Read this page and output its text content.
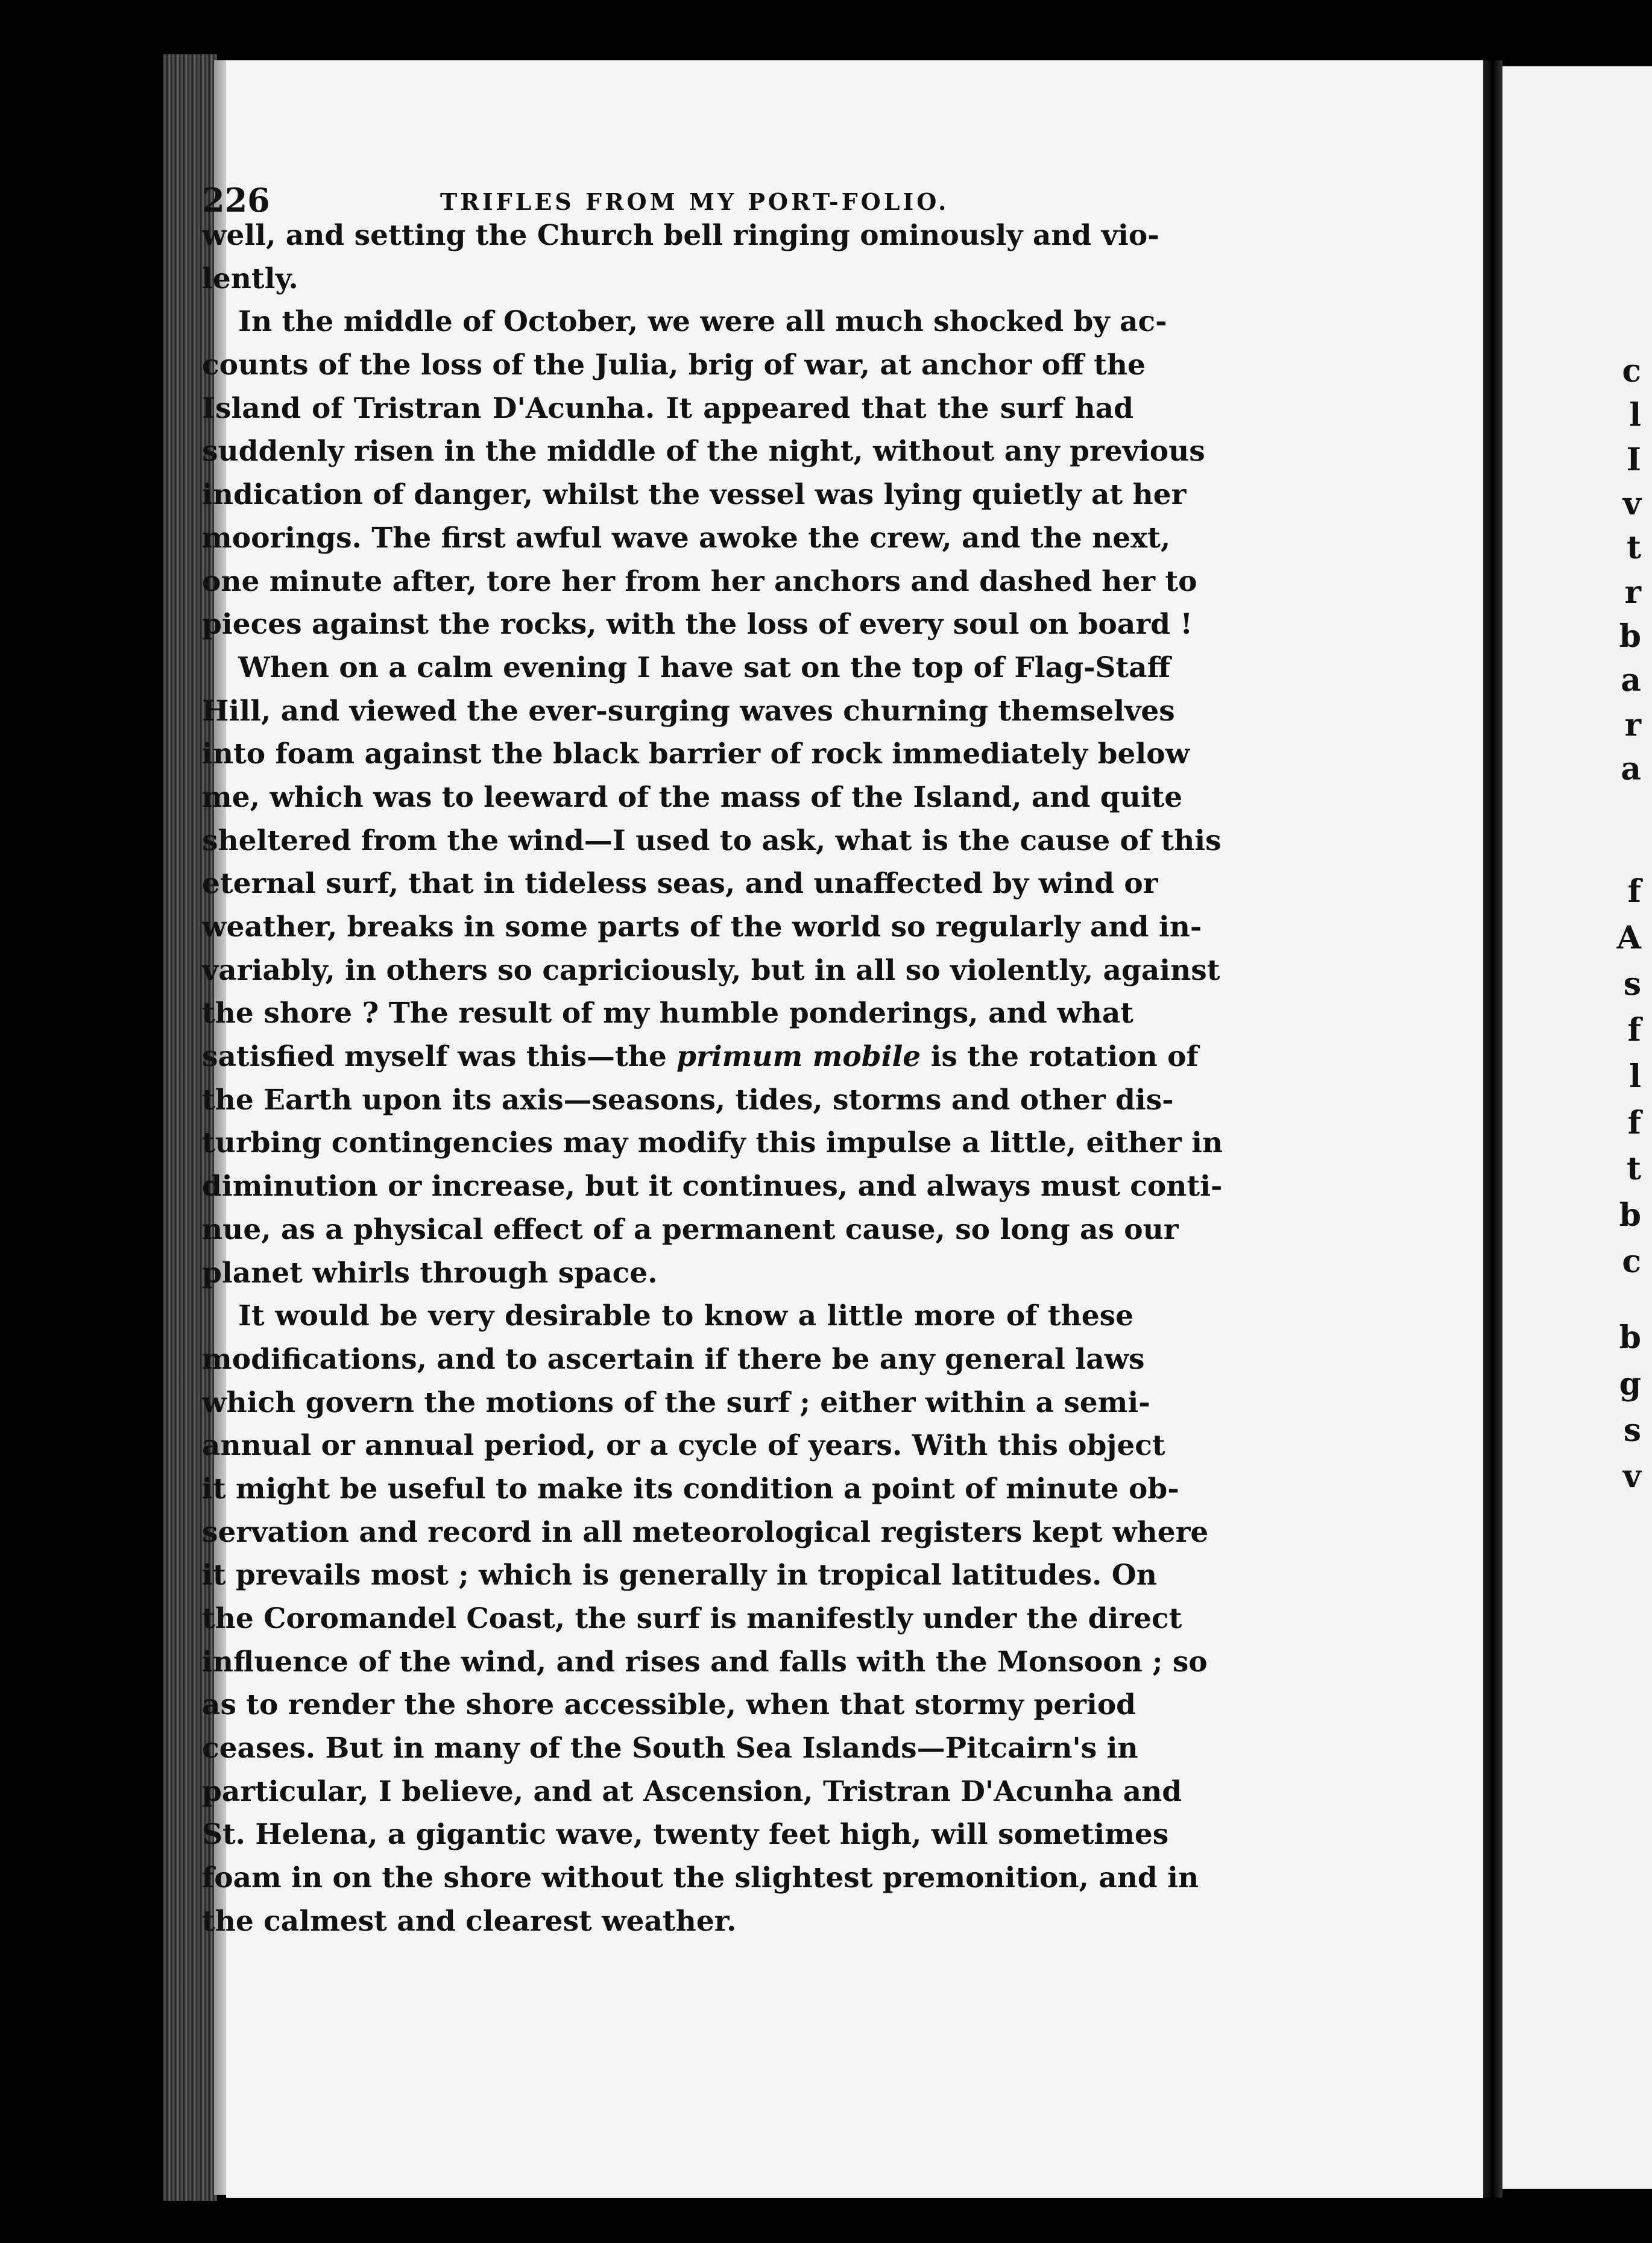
c
l
I
v
t
r
b
a
r
a
f
A
s
f
l
f
t
b
c
b
g
s
v
226	TRIFLES FROM MY PORT-FOLIO.
well, and setting the Church bell ringing ominously and vio-
lently.
In the middle of October, we were all much shocked by ac-
counts of the loss of the Julia, brig of war, at anchor off the
Island of Tristran D'Acunha. It appeared that the surf had
suddenly risen in the middle of the night, without any previous
indication of danger, whilst the vessel was lying quietly at her
moorings. The first awful wave awoke the crew, and the next,
one minute after, tore her from her anchors and dashed her to
pieces against the rocks, with the loss of every soul on board !
When on a calm evening I have sat on the top of Flag-Staff
Hill, and viewed the ever-surging waves churning themselves
into foam against the black barrier of rock immediately below
me, which was to leeward of the mass of the Island, and quite
sheltered from the wind—I used to ask, what is the cause of this
eternal surf, that in tideless seas, and unaffected by wind or
weather, breaks in some parts of the world so regularly and in-
variably, in others so capriciously, but in all so violently, against
the shore ? The result of my humble ponderings, and what
satisfied myself was this—the primum mobile is the rotation of
the Earth upon its axis—seasons, tides, storms and other dis-
turbing contingencies may modify this impulse a little, either in
diminution or increase, but it continues, and always must conti-
nue, as a physical effect of a permanent cause, so long as our
planet whirls through space.
It would be very desirable to know a little more of these
modifications, and to ascertain if there be any general laws
which govern the motions of the surf ; either within a semi-
annual or annual period, or a cycle of years. With this object
it might be useful to make its condition a point of minute ob-
servation and record in all meteorological registers kept where
it prevails most ; which is generally in tropical latitudes. On
the Coromandel Coast, the surf is manifestly under the direct
influence of the wind, and rises and falls with the Monsoon ; so
as to render the shore accessible, when that stormy period
ceases. But in many of the South Sea Islands—Pitcairn's in
particular, I believe, and at Ascension, Tristran D'Acunha and
St. Helena, a gigantic wave, twenty feet high, will sometimes
foam in on the shore without the slightest premonition, and in
the calmest and clearest weather.
